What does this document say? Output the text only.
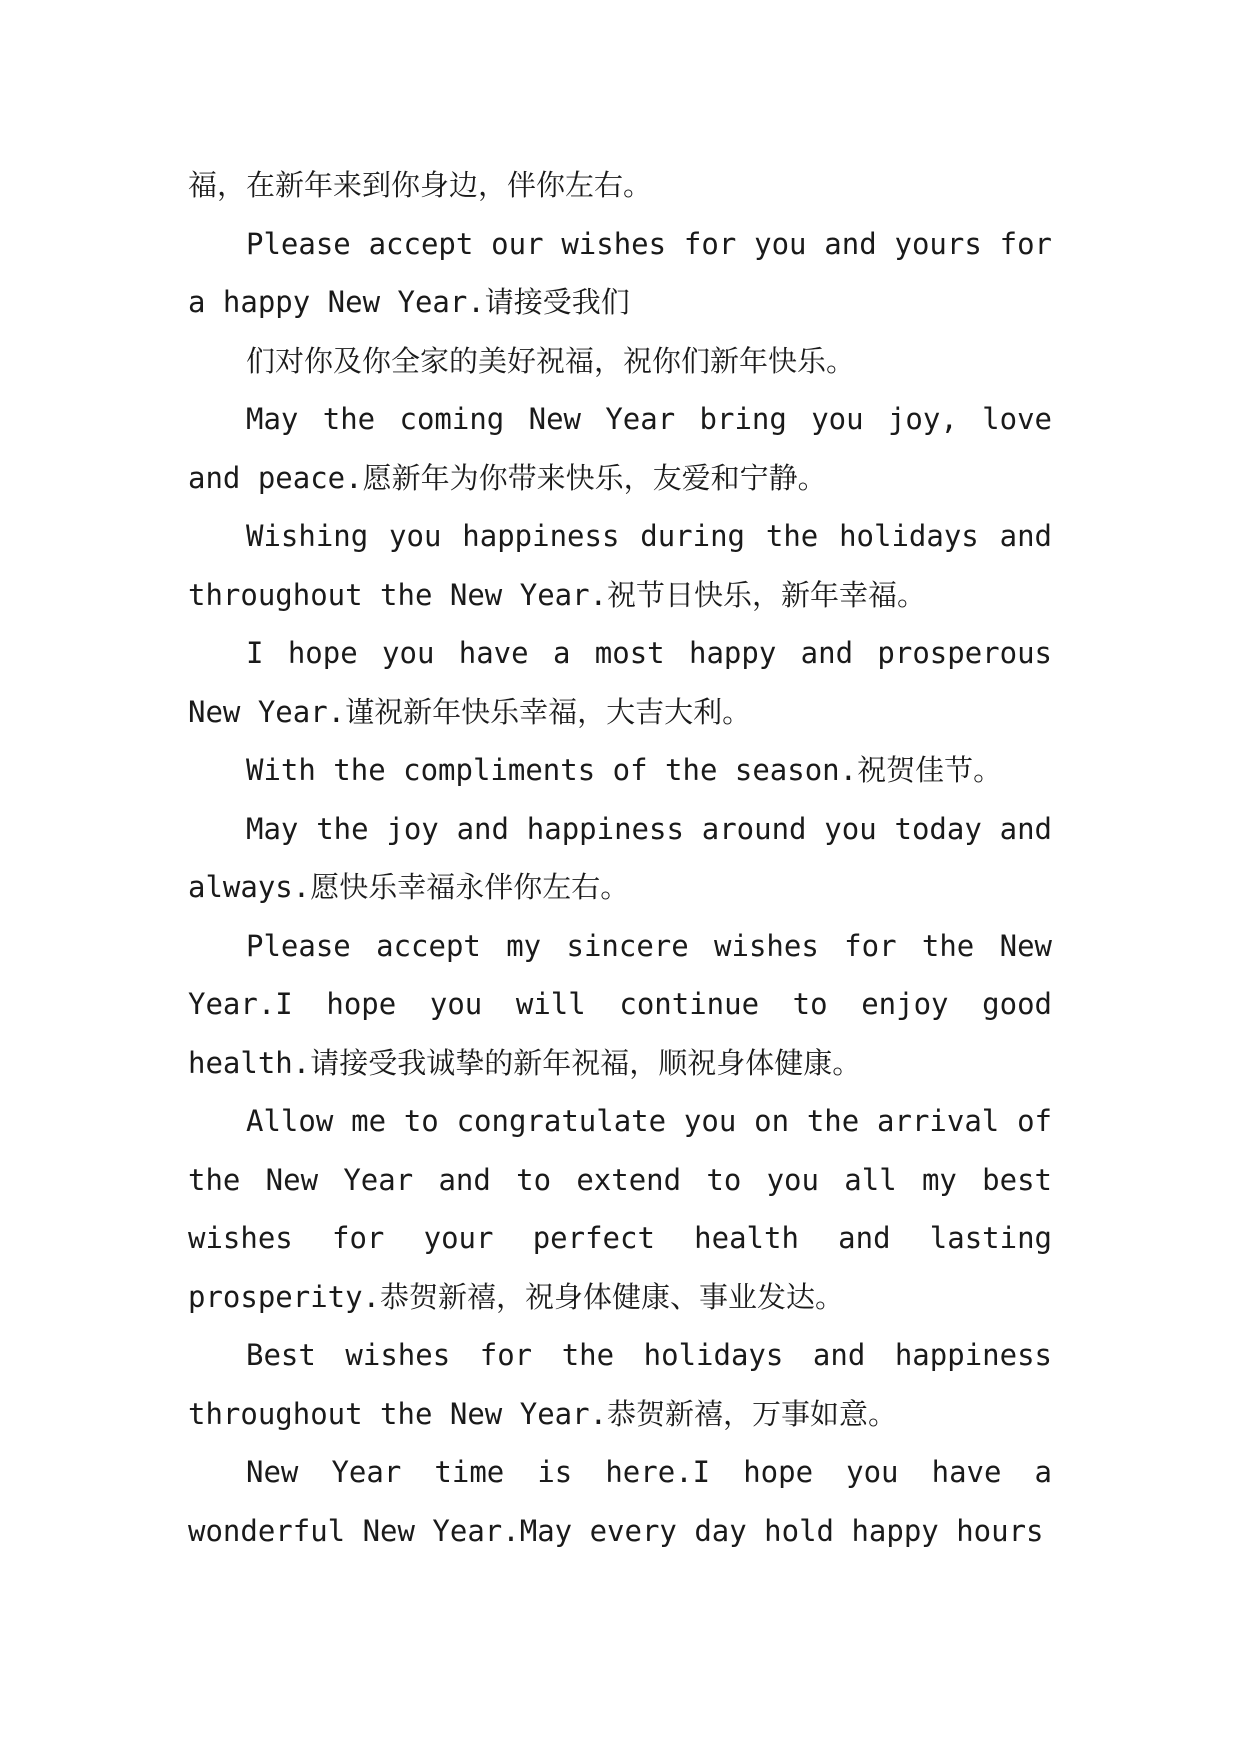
福，在新年来到你身边，伴你左右。

Please accept our wishes for you and yours for a happy New Year.请接受我们

们对你及你全家的美好祝福，祝你们新年快乐。

May the coming New Year bring you joy, love and peace.愿新年为你带来快乐，友爱和宁静。

Wishing you happiness during the holidays and throughout the New Year.祝节日快乐，新年幸福。

I hope you have a most happy and prosperous New Year.谨祝新年快乐幸福，大吉大利。

With the compliments of the season.祝贺佳节。

May the joy and happiness around you today and always.愿快乐幸福永伴你左右。

Please accept my sincere wishes for the New Year.I hope you will continue to enjoy good health.请接受我诚挚的新年祝福，顺祝身体健康。

Allow me to congratulate you on the arrival of the New Year and to extend to you all my best wishes for your perfect health and lasting prosperity.恭贺新禧，祝身体健康、事业发达。

Best wishes for the holidays and happiness throughout the New Year.恭贺新禧，万事如意。

New Year time is here.I hope you have a wonderful New Year.May every day hold happy hours
